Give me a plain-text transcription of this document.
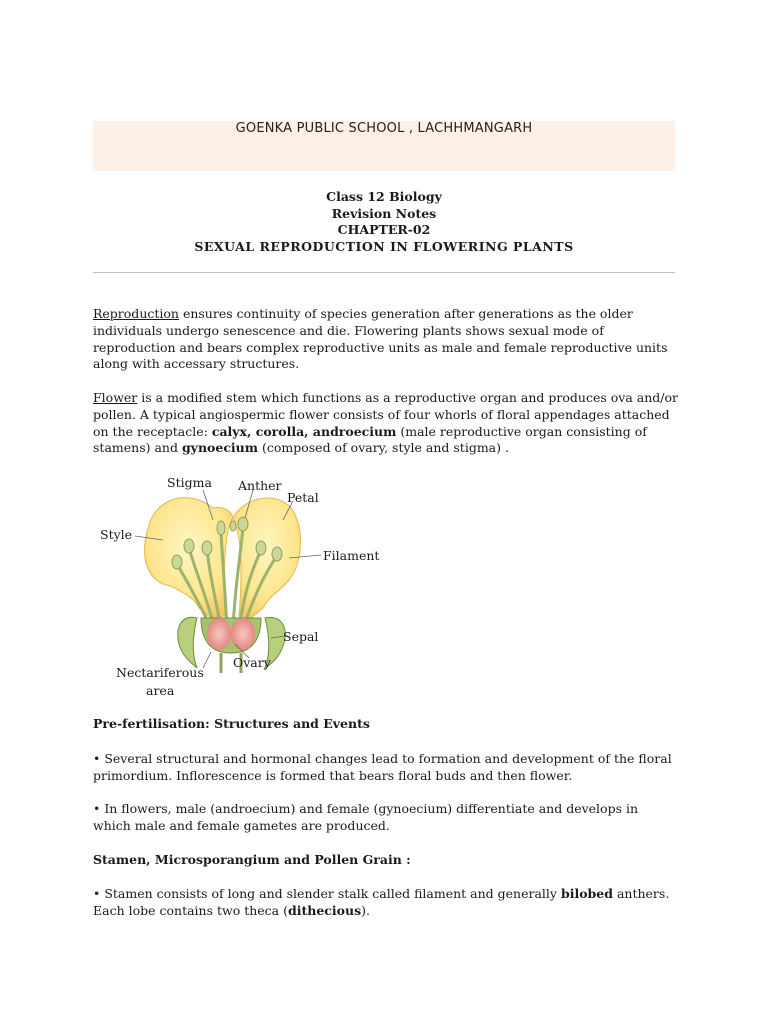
GOENKA PUBLIC SCHOOL , LACHHMANGARH
Class 12 Biology
Revision Notes
CHAPTER-02
SEXUAL REPRODUCTION IN FLOWERING PLANTS
Reproduction ensures continuity of species generation after generations as the older individuals undergo senescence and die. Flowering plants shows sexual mode of reproduction and bears complex reproductive units as male and female reproductive units along with accessary structures.
Flower is a modified stem which functions as a reproductive organ and produces ova and/or pollen. A typical angiospermic flower consists of four whorls of floral appendages attached on the receptacle: calyx, corolla, androecium (male reproductive organ consisting of stamens) and gynoecium (composed of ovary, style and stigma) .
Stigma Anther
Petal
Style
Filament
Sepal
Ovary
Nectariferous
area
Pre-fertilisation: Structures and Events
• Several structural and hormonal changes lead to formation and development of the floral primordium. Inflorescence is formed that bears floral buds and then flower.
• In flowers, male (androecium) and female (gynoecium) differentiate and develops in which male and female gametes are produced.
Stamen, Microsporangium and Pollen Grain :
• Stamen consists of long and slender stalk called filament and generally bilobed anthers. Each lobe contains two theca (dithecious).
